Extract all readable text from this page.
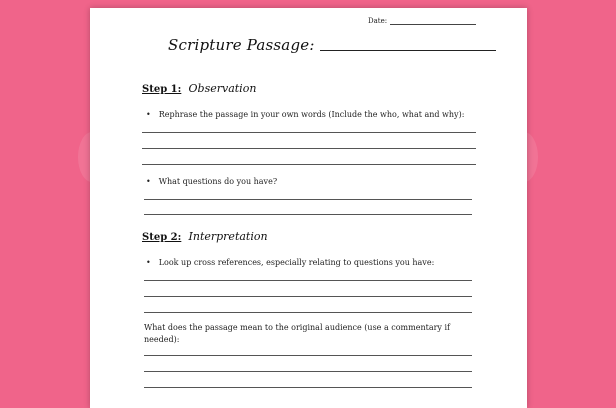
Date:
Scripture Passage:
Step 1: Observation
• Rephrase the passage in your own words (Include the who, what and why):
• What questions do you have?
Step 2: Interpretation
• Look up cross references, especially relating to questions you have:
What does the passage mean to the original audience (use a commentary if needed):
